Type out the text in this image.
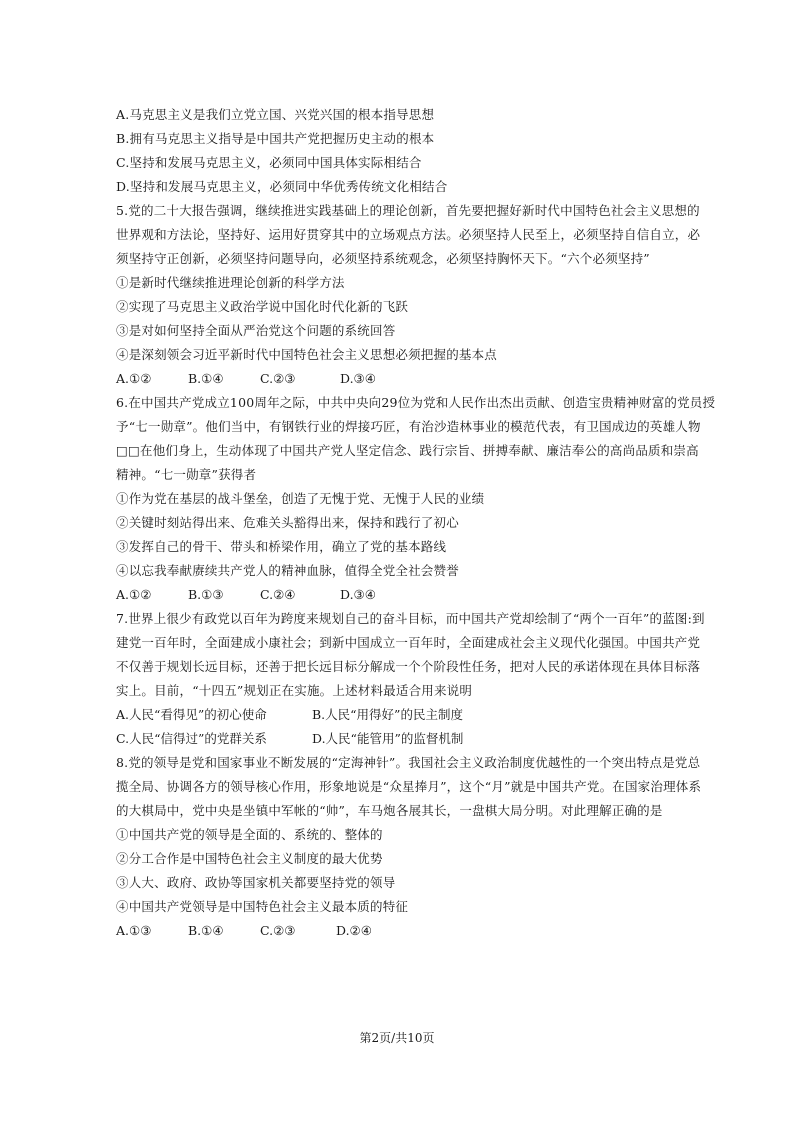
A.马克思主义是我们立党立国、兴党兴国的根本指导思想
B.拥有马克思主义指导是中国共产党把握历史主动的根本
C.坚持和发展马克思主义，必须同中国具体实际相结合
D.坚持和发展马克思主义，必须同中华优秀传统文化相结合
5.党的二十大报告强调，继续推进实践基础上的理论创新，首先要把握好新时代中国特色社会主义思想的
世界观和方法论，坚持好、运用好贯穿其中的立场观点方法。必须坚持人民至上，必须坚持自信自立，必
须坚持守正创新，必须坚持问题导向，必须坚持系统观念，必须坚持胸怀天下。“六个必须坚持”
①是新时代继续推进理论创新的科学方法
②实现了马克思主义政治学说中国化时代化新的飞跃
③是对如何坚持全面从严治党这个问题的系统回答
④是深刻领会习近平新时代中国特色社会主义思想必须把握的基本点
A.①②	B.①④	C.②③	D.③④
6.在中国共产党成立100周年之际，中共中央向29位为党和人民作出杰出贡献、创造宝贵精神财富的党员授
予“七一勋章”。他们当中，有钢铁行业的焊接巧匠，有治沙造林事业的模范代表，有卫国成边的英雄人物
□□在他们身上，生动体现了中国共产党人坚定信念、践行宗旨、拼搏奉献、廉洁奉公的高尚品质和崇高
精神。“七一勋章”获得者
①作为党在基层的战斗堡垒，创造了无愧于党、无愧于人民的业绩
②关键时刻站得出来、危难关头豁得出来，保持和践行了初心
③发挥自己的骨干、带头和桥梁作用，确立了党的基本路线
④以忘我奉献赓续共产党人的精神血脉，值得全党全社会赞誉
A.①②	B.①③	C.②④	D.③④
7.世界上很少有政党以百年为跨度来规划自己的奋斗目标，而中国共产党却绘制了“两个一百年”的蓝图:到
建党一百年时，全面建成小康社会；到新中国成立一百年时，全面建成社会主义现代化强国。中国共产党
不仅善于规划长远目标，还善于把长远目标分解成一个个阶段性任务，把对人民的承诺体现在具体目标落
实上。目前，“十四五”规划正在实施。上述材料最适合用来说明
A.人民“看得见”的初心使命	B.人民“用得好”的民主制度
C.人民“信得过”的党群关系	D.人民“能管用”的监督机制
8.党的领导是党和国家事业不断发展的“定海神针”。我国社会主义政治制度优越性的一个突出特点是党总
揽全局、协调各方的领导核心作用，形象地说是“众星捧月”，这个“月”就是中国共产党。在国家治理体系
的大棋局中，党中央是坐镇中军帐的“帅”，车马炮各展其长，一盘棋大局分明。对此理解正确的是
①中国共产党的领导是全面的、系统的、整体的
②分工合作是中国特色社会主义制度的最大优势
③人大、政府、政协等国家机关都要坚持党的领导
④中国共产党领导是中国特色社会主义最本质的特征
A.①③	B.①④	C.②③	D.②④
第2页/共10页
